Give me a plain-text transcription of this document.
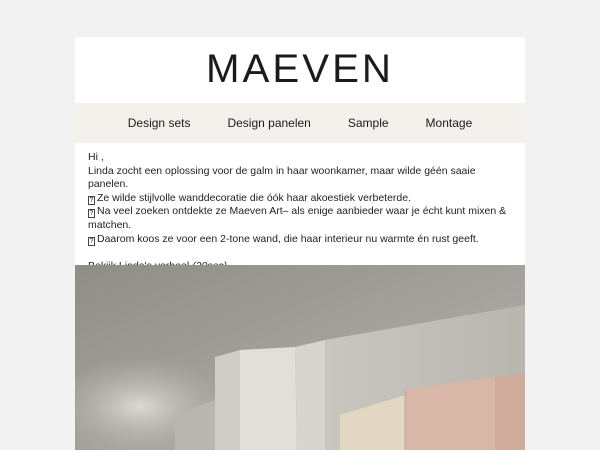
MAEVEN
Design sets	Design panelen	Sample	Montage

Hi ,

Linda zocht een oplossing voor de galm in haar woonkamer, maar wilde géén saaie panelen.

? Ze wilde stijlvolle wanddecoratie die óók haar akoestiek verbeterde.

? Na veel zoeken ontdekte ze Maeven Art– als enige aanbieder waar je écht kunt mixen & matchen.

? Daarom koos ze voor een 2-tone wand, die haar interieur nu warmte én rust geeft.
